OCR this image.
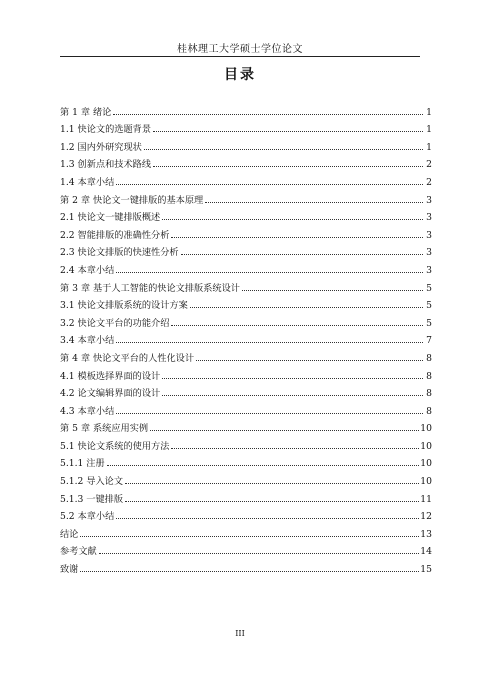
桂林理工大学硕士学位论文
目录
第 1 章 绪论	1
1.1 快论文的选题背景	1
1.2 国内外研究现状	1
1.3 创新点和技术路线	2
1.4 本章小结	2
第 2 章 快论文一键排版的基本原理	3
2.1 快论文一键排版概述	3
2.2 智能排版的准确性分析	3
2.3 快论文排版的快速性分析	3
2.4 本章小结	3
第 3 章 基于人工智能的快论文排版系统设计	5
3.1 快论文排版系统的设计方案	5
3.2 快论文平台的功能介绍	5
3.4 本章小结	7
第 4 章 快论文平台的人性化设计	8
4.1 模板选择界面的设计	8
4.2 论文编辑界面的设计	8
4.3 本章小结	8
第 5 章 系统应用实例	10
5.1 快论文系统的使用方法	10
5.1.1 注册	10
5.1.2 导入论文	10
5.1.3 一键排版	11
5.2 本章小结	12
结论	13
参考文献	14
致谢	15
III
